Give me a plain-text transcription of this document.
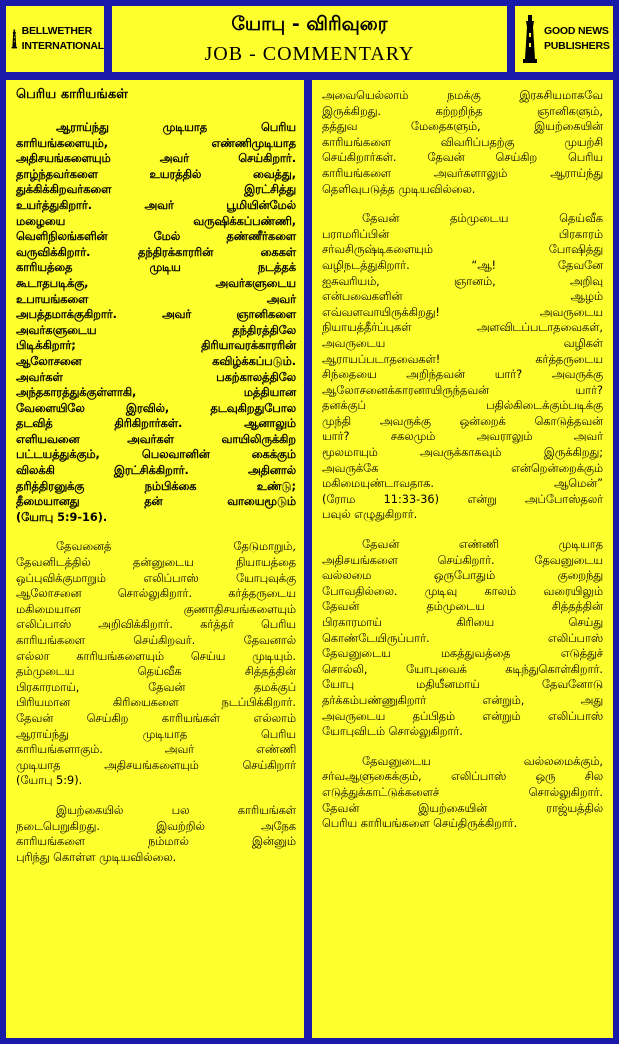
BELLWETHER
INTERNATIONAL
யோபு - விரிவுரை
JOB - COMMENTARY
GOOD NEWS
PUBLISHERS
பெரிய காரியங்கள்
ஆராய்ந்து முடியாத பெரிய
காரியங்களையும், எண்ணிமுடியாத
அதிசயங்களையும் அவர் செய்கிறார்.
தாழ்ந்தவர்களை உயரத்தில் வைத்து,
துக்கிக்கிறவர்களை இரட்சித்து
உயர்த்துகிறார். அவர் பூமியின்மேல்
மழையை வருஷிக்கப்பண்ணி,
வெளிநிலங்களின் மேல் தண்ணீர்களை
வருவிக்கிறார். தந்திரக்காரரின் கைகள்
காரியத்தை முடிய நடத்தக்
கூடாதபடிக்கு, அவர்களுடைய
உபாயங்களை அவர்
அபத்தமாக்குகிறார். அவர் ஞானிகளை
அவர்களுடைய தந்திரத்திலே
பிடிக்கிறார்; திரியாவரக்காரரின்
ஆலோசனை கவிழ்க்கப்படும்.
அவர்கள் பகற்காலத்திலே
அந்தகாரத்துக்குள்ளாகி, மத்தியான
வேளையிலே இரவில், தடவுகிறதுபோல
தடவித் திரிகிறார்கள். ஆனாலும்
எளியவனை அவர்கள் வாயிலிருக்கிற
பட்டயத்துக்கும், பெலவானின் கைக்கும்
விலக்கி இரட்சிக்கிறார். அதினால்
தரித்திரனுக்கு நம்பிக்கை உண்டு;
தீமையானது தன் வாயைமூடும்
(யோபு 5:9-16).
தேவனைத் தேடுமாறும்,
தேவனிடத்தில் தன்னுடைய நியாயத்தை
ஒப்புவிக்குமாறும் எலிப்பாஸ் யோபுவுக்கு
ஆலோசனை சொல்லுகிறார். கர்த்தருடைய
மகிமையான குணாதிசயங்களையும்
எலிப்பாஸ் அறிவிக்கிறார். கர்த்தர் பெரிய
காரியங்களை செய்கிறவர். தேவனால்
எல்லா காரியங்களையும் செய்ய முடியும்.
தம்முடைய தெய்வீக சித்தத்தின்
பிரகாரமாய், தேவன் தமக்குப்
பிரியமான கிரியைகளை நடப்பிக்கிறார்.
தேவன் செய்கிற காரியங்கள் எல்லாம்
ஆராய்ந்து முடியாத பெரிய
காரியங்களாகும். அவர் எண்ணி
முடியாத அதிசயங்களையும் செய்கிறார்
(யோபு 5:9).
இயற்கையில் பல காரியங்கள்
நடைபெறுகிறது. இவற்றில் அநேக
காரியங்களை நம்மால் இன்னும்
புரிந்து கொள்ள முடியவில்லை.
அவையெல்லாம் நமக்கு இரகசியமாகவே
இருக்கிறது. கற்றறிந்த ஞானிகளும்,
தத்துவ மேதைகளும், இயற்கையின்
காரியங்களை விவரிப்பதற்கு முயற்சி
செய்கிறார்கள். தேவன் செய்கிற பெரிய
காரியங்களை அவர்களாலும் ஆராய்ந்து
தெளிவுபடுத்த முடியவில்லை.
தேவன் தம்முடைய தெய்வீக
பராமரிப்பின் பிரகாரம்
சர்வசிருஷ்டிகளையும் போஷித்து
வழிநடத்துகிறார். “ஆ! தேவனே
ஐசுவரியம், ஞானம், அறிவு
என்பவைகளின் ஆழம்
எவ்வளவாயிருக்கிறது! அவருடைய
நியாயத்தீர்ப்புகள் அளவிடப்படாதவைகள்,
அவருடைய வழிகள்
ஆராயப்படாதவைகள்! கர்த்தருடைய
சிந்தையை அறிந்தவன் யார்? அவருக்கு
ஆலோசனைக்காரனாயிருந்தவன் யார்?
தனக்குப் பதில்கிடைக்கும்படிக்கு
முந்தி அவருக்கு ஒன்றைக் கொடுத்தவன்
யார்? சகலமும் அவராலும் அவர்
மூலமாயும் அவருக்காகவும் இருக்கிறது;
அவருக்கே என்றென்றைக்கும்
மகிமையுண்டாவதாக. ஆமென்”
(ரோம 11:33-36) என்று அப்போஸ்தலர்
பவுல் எழுதுகிறார்.
தேவன் எண்ணி முடியாத
அதிசயங்களை செய்கிறார். தேவனுடைய
வல்லமை ஒருபோதும் குறைந்து
போவதில்லை. முடிவு காலம் வரையிலும்
தேவன் தம்முடைய சித்தத்தின்
பிரகாரமாய் கிரியை செய்து
கொண்டேயிருப்பார். எலிப்பாஸ்
தேவனுடைய மகத்துவத்தை எடுத்துச்
சொல்லி, யோபுவைக் கடிந்துகொள்கிறார்.
யோபு மதியீனமாய் தேவனோடு
தர்க்கம்பண்ணுகிறார் என்றும், அது
அவருடைய தப்பிதம் என்றும் எலிப்பாஸ்
யோபுவிடம் சொல்லுகிறார்.
தேவனுடைய வல்லமைக்கும்,
சர்வஆளுகைக்கும், எலிப்பாஸ் ஒரு சில
எடுத்துக்காட்டுக்களைச் சொல்லுகிறார்.
தேவன் இயற்கையின் ராஜ்யத்தில்
பெரிய காரியங்களை செய்திருக்கிறார்.
